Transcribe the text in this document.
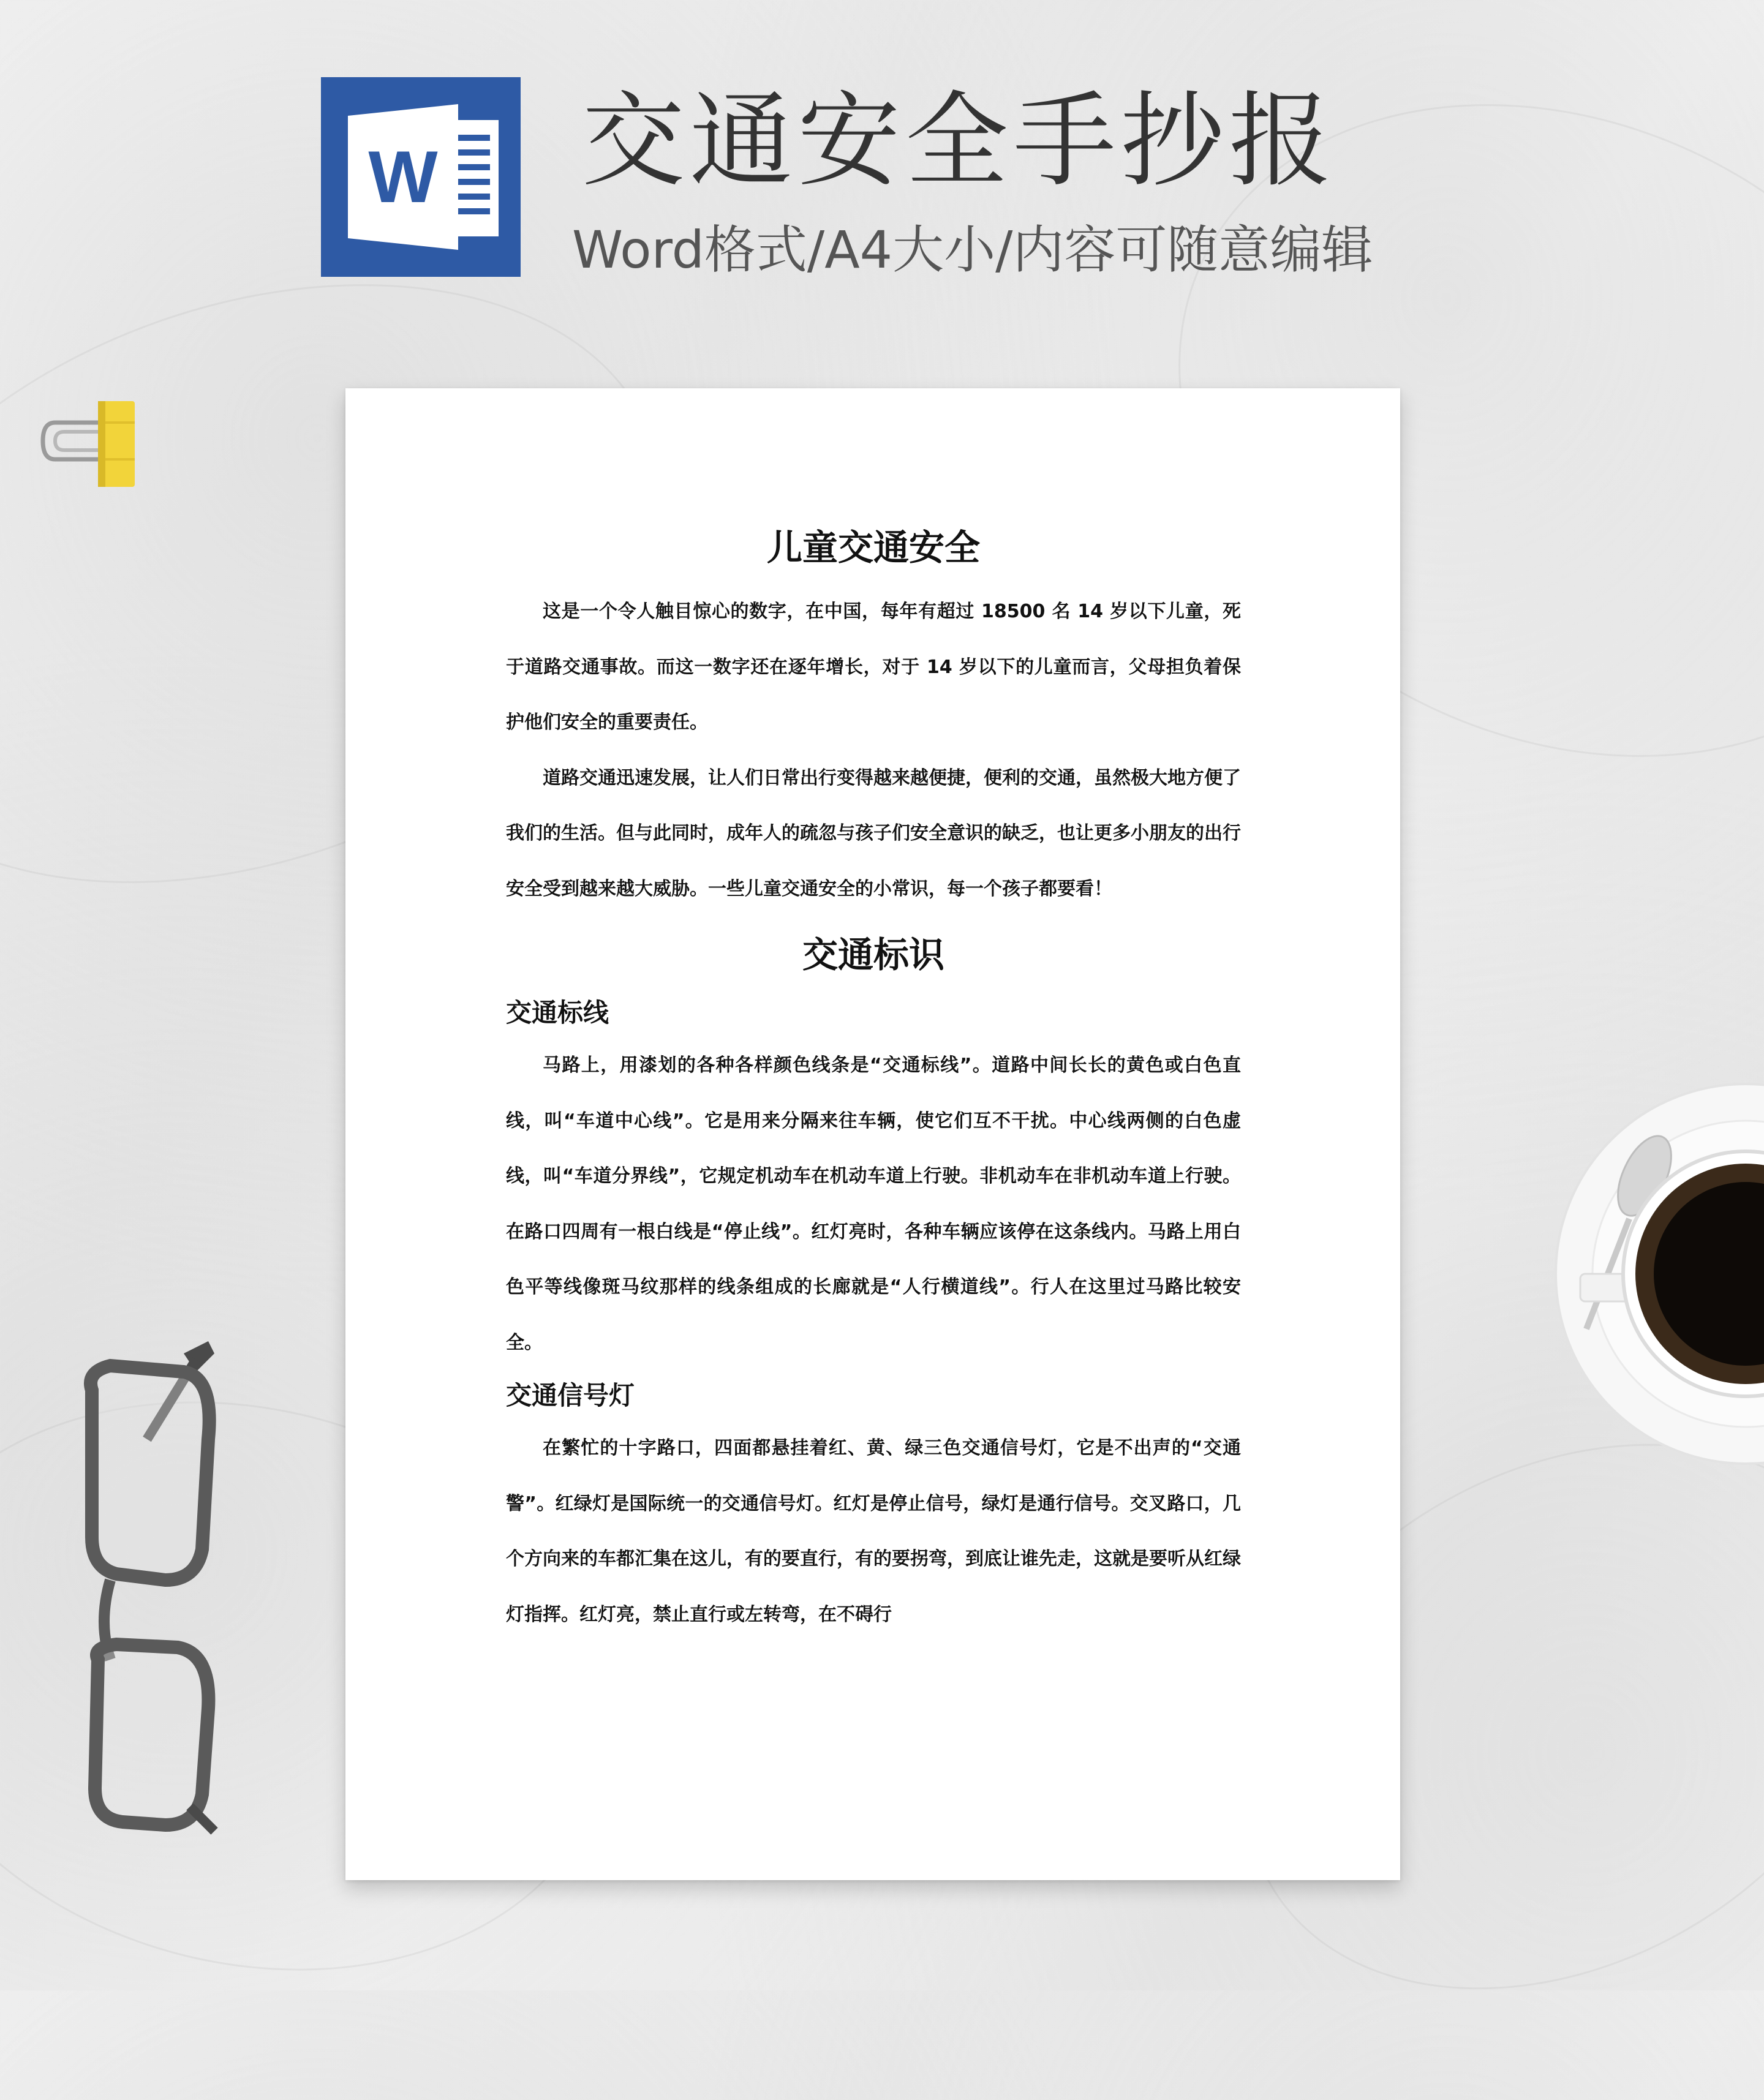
W 交通安全手抄报
Word格式/A4大小/内容可随意编辑
儿童交通安全

这是一个令人触目惊心的数字，在中国，每年有超过 18500 名 14 岁以下儿童，死于道路交通事故。而这一数字还在逐年增长，对于 14 岁以下的儿童而言，父母担负着保护他们安全的重要责任。

道路交通迅速发展，让人们日常出行变得越来越便捷，便利的交通，虽然极大地方便了我们的生活。但与此同时，成年人的疏忽与孩子们安全意识的缺乏，也让更多小朋友的出行安全受到越来越大威胁。一些儿童交通安全的小常识，每一个孩子都要看！

交通标识
交通标线

马路上，用漆划的各种各样颜色线条是“交通标线”。道路中间长长的黄色或白色直线，叫“车道中心线”。它是用来分隔来往车辆，使它们互不干扰。中心线两侧的白色虚线，叫“车道分界线”，它规定机动车在机动车道上行驶。非机动车在非机动车道上行驶。在路口四周有一根白线是“停止线”。红灯亮时，各种车辆应该停在这条线内。马路上用白色平等线像斑马纹那样的线条组成的长廊就是“人行横道线”。行人在这里过马路比较安全。

交通信号灯

在繁忙的十字路口，四面都悬挂着红、黄、绿三色交通信号灯，它是不出声的“交通警”。红绿灯是国际统一的交通信号灯。红灯是停止信号，绿灯是通行信号。交叉路口，几个方向来的车都汇集在这儿，有的要直行，有的要拐弯，到底让谁先走，这就是要听从红绿灯指挥。红灯亮，禁止直行或左转弯，在不碍行
